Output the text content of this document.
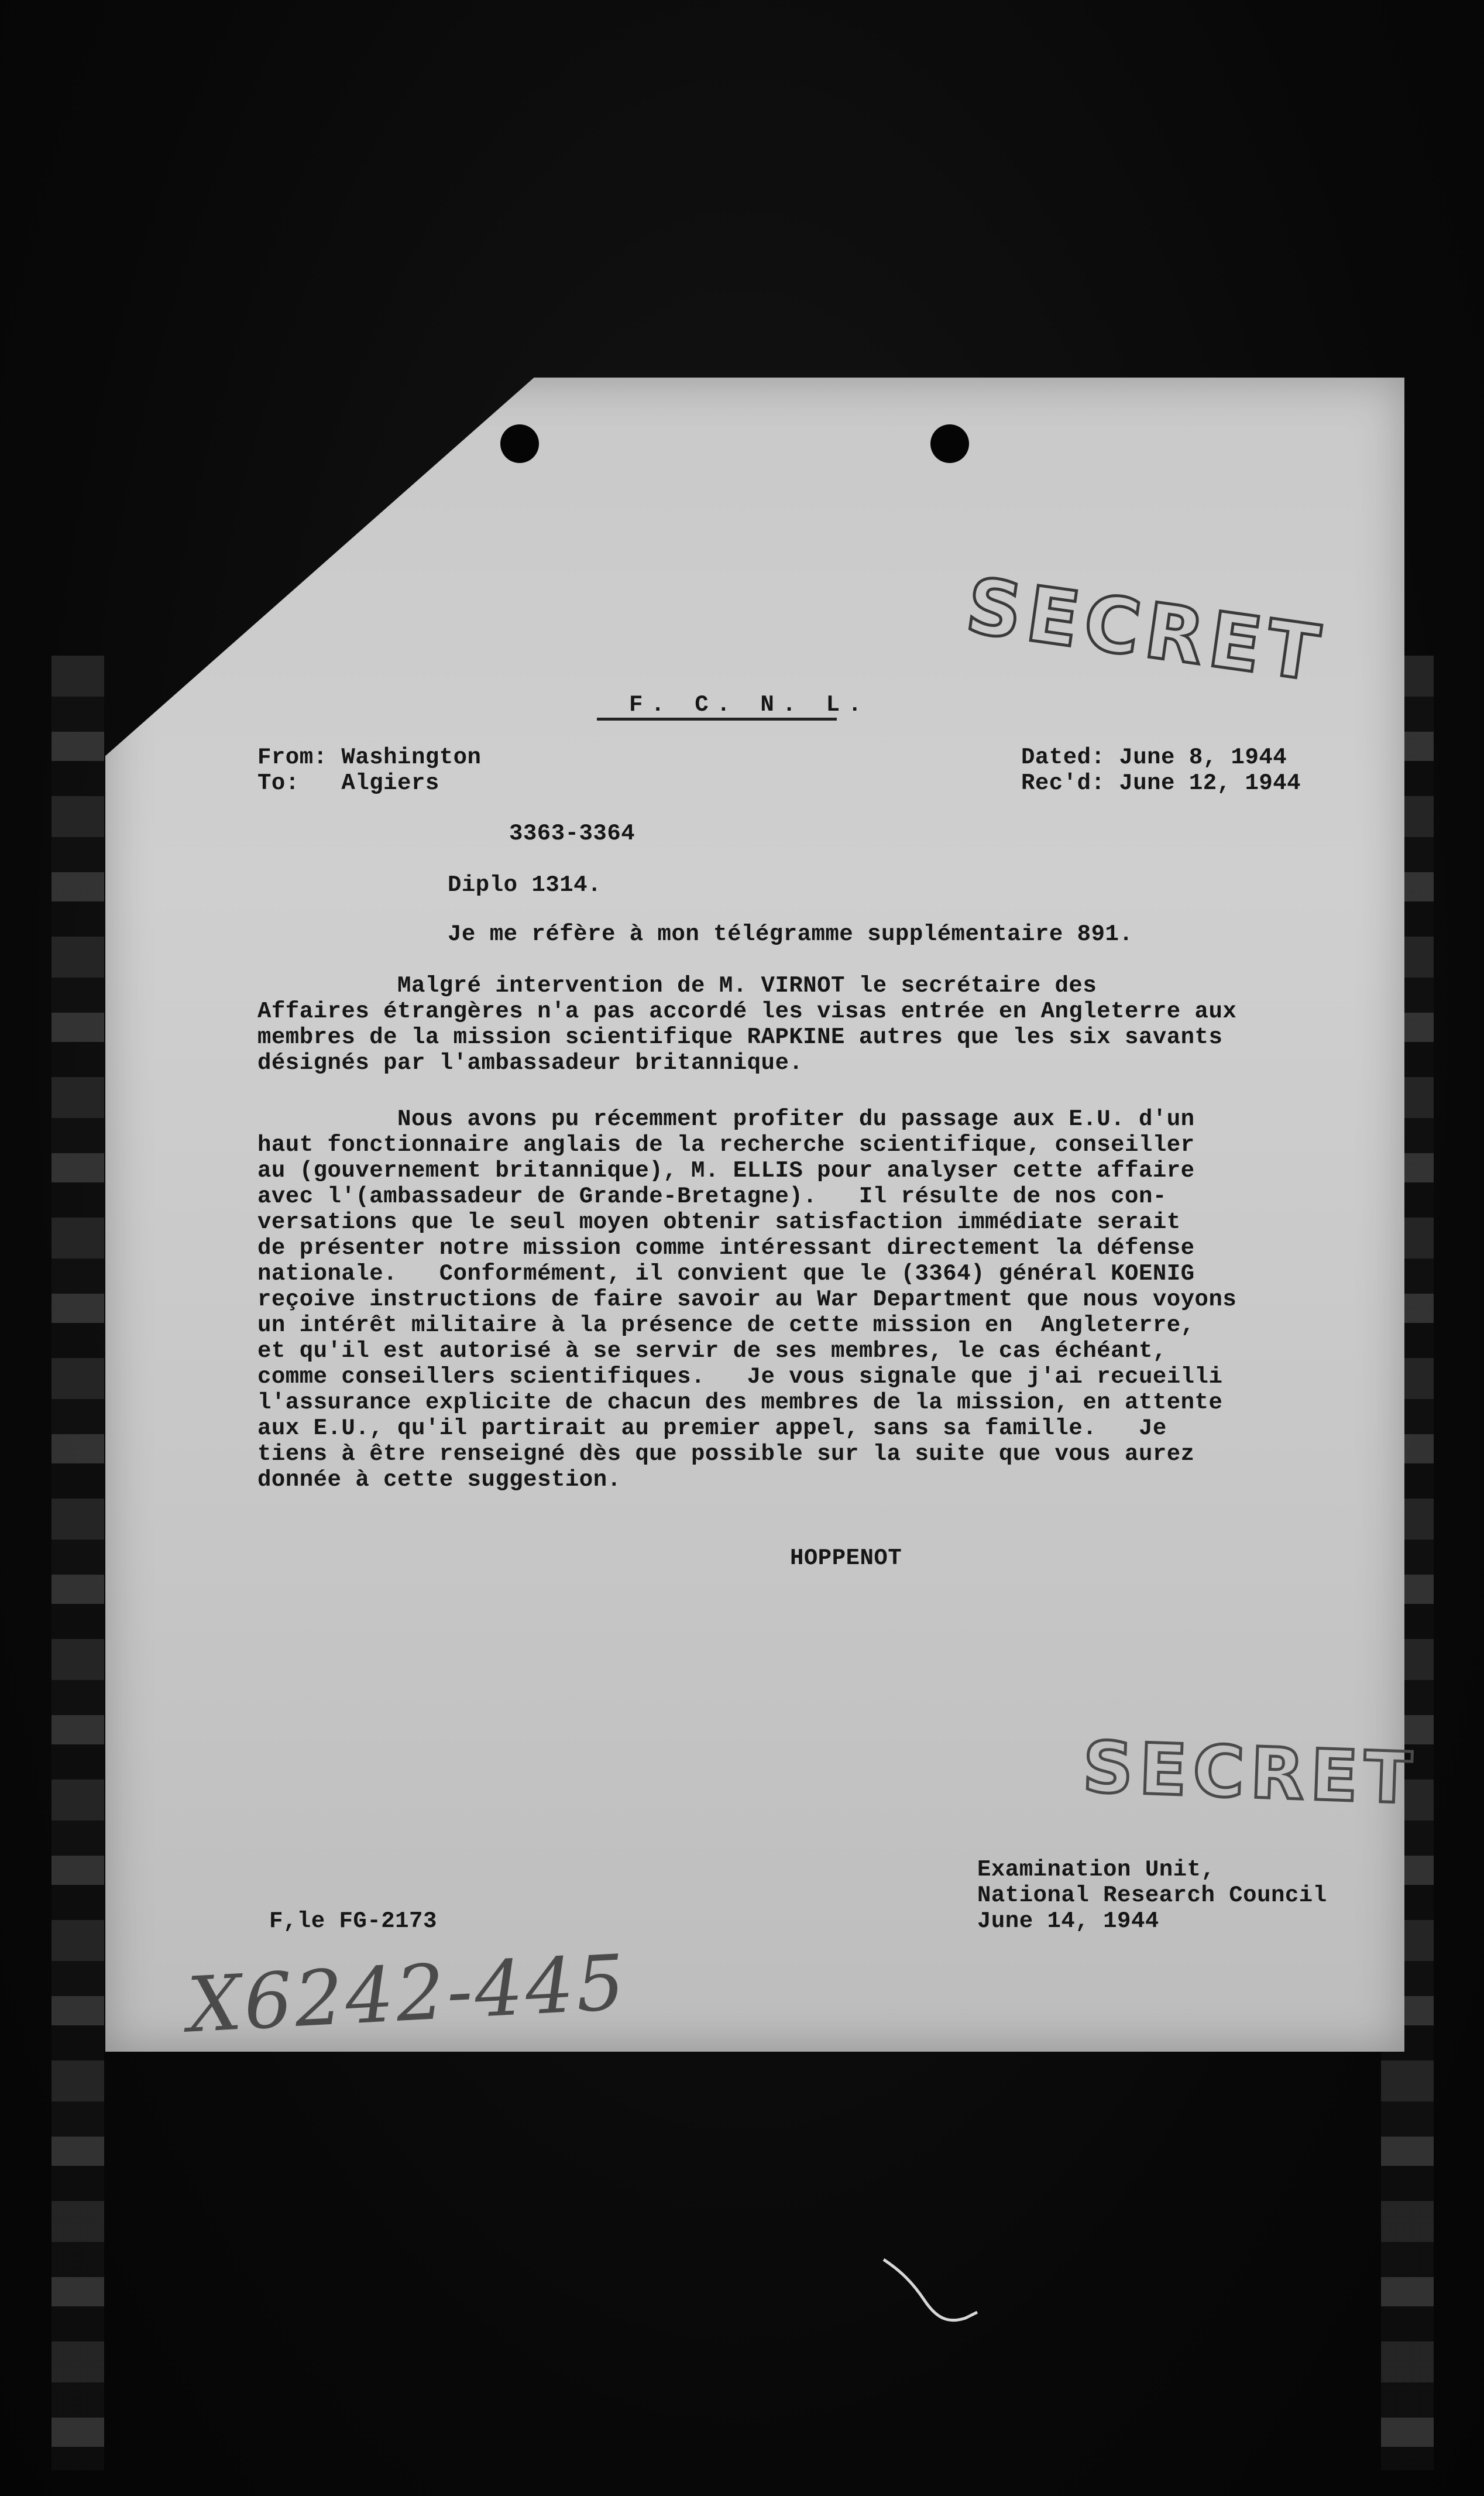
SECRET
SECRET
F. C. N. L.
From: Washington
To:   Algiers
Dated: June 8, 1944
Rec'd: June 12, 1944
3363-3364
Diplo 1314.
Je me réfère à mon télégramme supplémentaire 891.
Malgré intervention de M. VIRNOT le secrétaire des
Affaires étrangères n'a pas accordé les visas entrée en Angleterre aux
membres de la mission scientifique RAPKINE autres que les six savants
désignés par l'ambassadeur britannique.
Nous avons pu récemment profiter du passage aux E.U. d'un
haut fonctionnaire anglais de la recherche scientifique, conseiller
au (gouvernement britannique), M. ELLIS pour analyser cette affaire
avec l'(ambassadeur de Grande-Bretagne).   Il résulte de nos con-
versations que le seul moyen obtenir satisfaction immédiate serait
de présenter notre mission comme intéressant directement la défense
nationale.   Conformément, il convient que le (3364) général KOENIG
reçoive instructions de faire savoir au War Department que nous voyons
un intérêt militaire à la présence de cette mission en  Angleterre,
et qu'il est autorisé à se servir de ses membres, le cas échéant,
comme conseillers scientifiques.   Je vous signale que j'ai recueilli
l'assurance explicite de chacun des membres de la mission, en attente
aux E.U., qu'il partirait au premier appel, sans sa famille.   Je
tiens à être renseigné dès que possible sur la suite que vous aurez
donnée à cette suggestion.
HOPPENOT
Examination Unit,
National Research Council
June 14, 1944
F,le FG-2173
X6242-445
